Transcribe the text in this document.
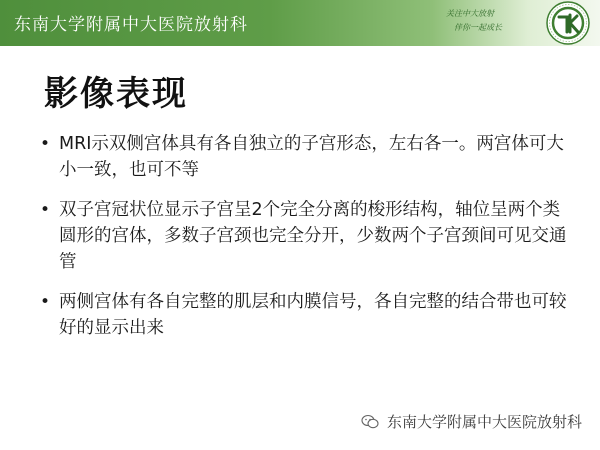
东南大学附属中大医院放射科
关注中大放射
伴你一起成长
影像表现
• MRI示双侧宫体具有各自独立的子宫形态，左右各一。两宫体可大小一致，也可不等
• 双子宫冠状位显示子宫呈2个完全分离的梭形结构，轴位呈两个类圆形的宫体，多数子宫颈也完全分开，少数两个子宫颈间可见交通管
• 两侧宫体有各自完整的肌层和内膜信号，各自完整的结合带也可较好的显示出来
东南大学附属中大医院放射科
